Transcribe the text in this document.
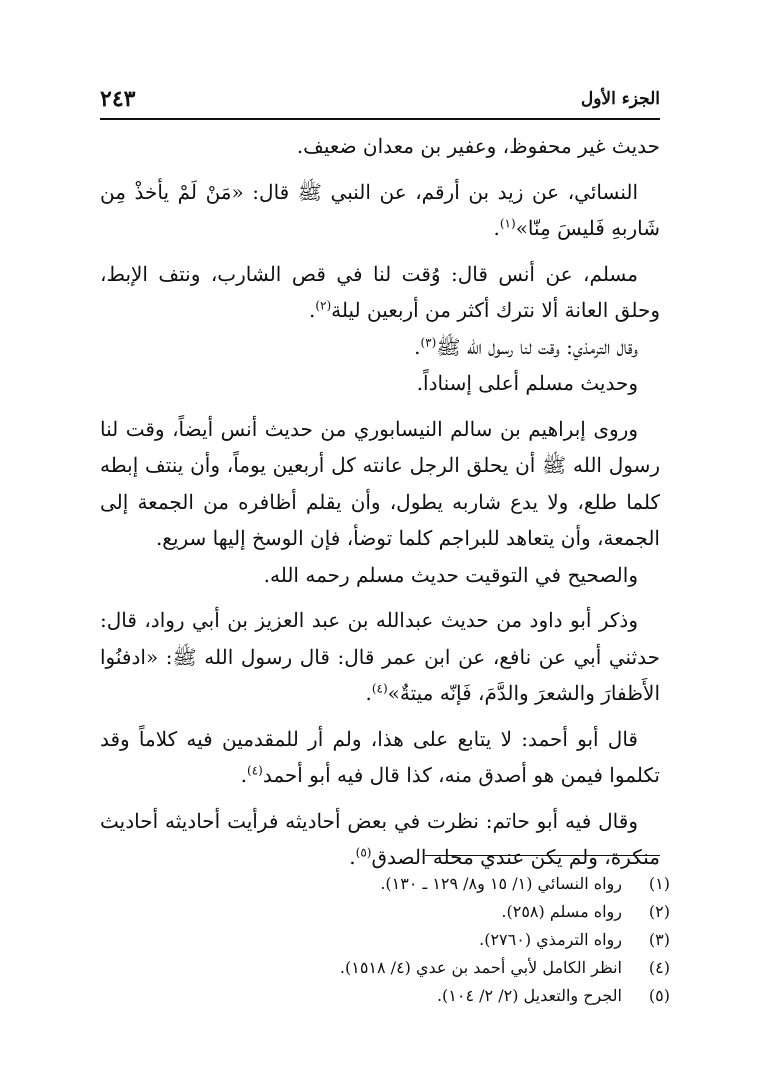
الجزء الأول
٢٤٣

حديث غير محفوظ، وعفير بن معدان ضعيف.

النسائي، عن زيد بن أرقم، عن النبي ﷺ قال: «مَنْ لَمْ يأخذْ مِن شَاربهِ فَليسَ مِنّا»$^{(١)}$.

مسلم، عن أنس قال: وُقت لنا في قص الشارب، ونتف الإبط، وحلق العانة ألا نترك أكثر من أربعين ليلة$^{(٢)}$.

وقال الترمذي: وقت لنا رسول الله ﷺ$^{(٣)}$.

وحديث مسلم أعلى إسناداً.

وروى إبراهيم بن سالم النيسابوري من حديث أنس أيضاً، وقت لنا رسول الله ﷺ أن يحلق الرجل عانته كل أربعين يوماً، وأن ينتف إبطه كلما طلع، ولا يدع شاربه يطول، وأن يقلم أظافره من الجمعة إلى الجمعة، وأن يتعاهد للبراجم كلما توضأ، فإن الوسخ إليها سريع.

والصحيح في التوقيت حديث مسلم رحمه الله.

وذكر أبو داود من حديث عبدالله بن عبد العزيز بن أبي رواد، قال: حدثني أبي عن نافع، عن ابن عمر قال: قال رسول الله ﷺ: «ادفنُوا الأَظفارَ والشعرَ والدَّمَ، فَإنّه ميتةٌ»$^{(٤)}$.

قال أبو أحمد: لا يتابع على هذا، ولم أر للمقدمين فيه كلاماً وقد تكلموا فيمن هو أصدق منه، كذا قال فيه أبو أحمد$^{(٤)}$.

وقال فيه أبو حاتم: نظرت في بعض أحاديثه فرأيت أحاديثه أحاديث منكرة، ولم يكن عندي محله الصدق$^{(٥)}$.

(١)
رواه النسائي (١/ ١٥ و٨/ ١٢٩ ـ ١٣٠).
(٢)
رواه مسلم (٢٥٨).
(٣)
رواه الترمذي (٢٧٦٠).
(٤)
انظر الكامل لأبي أحمد بن عدي (٤/ ١٥١٨).
(٥)
الجرح والتعديل (٢/ ٢/ ١٠٤).
